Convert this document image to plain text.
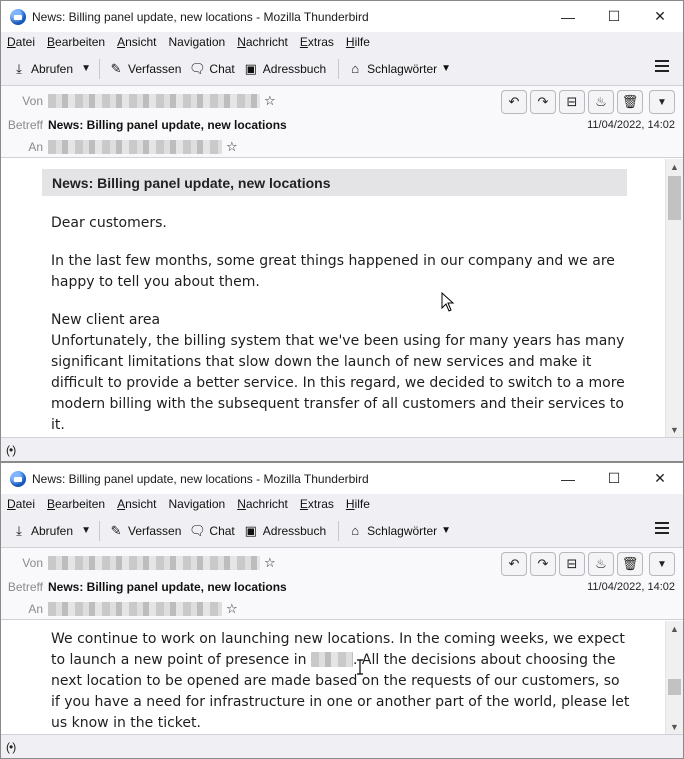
News: Billing panel update, new locations - Mozilla Thunderbird	—	☐	✕
Datei Bearbeiten Ansicht Navigation Nachricht Extras Hilfe
⤓ Abrufen ▼ ✎ Verfassen 🗨 Chat ▣ Adressbuch	⌂ Schlagwörter ▼
Von	☆
Betreff News: Billing panel update, new locations
An	☆
11/04/2022, 14:02
↶ ↷ ⊟ ♨ 🗑 ▼
News: Billing panel update, new locations
Dear customers.
In the last few months, some great things happened in our company and we are happy to tell you about them.
New client area
Unfortunately, the billing system that we've been using for many years has many significant limitations that slow down the launch of new services and make it difficult to provide a better service. In this regard, we decided to switch to a more modern billing with the subsequent transfer of all customers and their services to it.
▲
▼
(•)
News: Billing panel update, new locations - Mozilla Thunderbird	—	☐	✕
Datei Bearbeiten Ansicht Navigation Nachricht Extras Hilfe
⤓ Abrufen ▼ ✎ Verfassen 🗨 Chat ▣ Adressbuch	⌂ Schlagwörter ▼
Von	☆
Betreff News: Billing panel update, new locations
An	☆
11/04/2022, 14:02
↶ ↷ ⊟ ♨ 🗑 ▼
We continue to work on launching new locations. In the coming weeks, we expect to launch a new point of presence in	. All the decisions about choosing the next location to be opened are made based on the requests of our customers, so if you have a need for infrastructure in one or another part of the world, please let us know in the ticket.
▲
▼
(•)
